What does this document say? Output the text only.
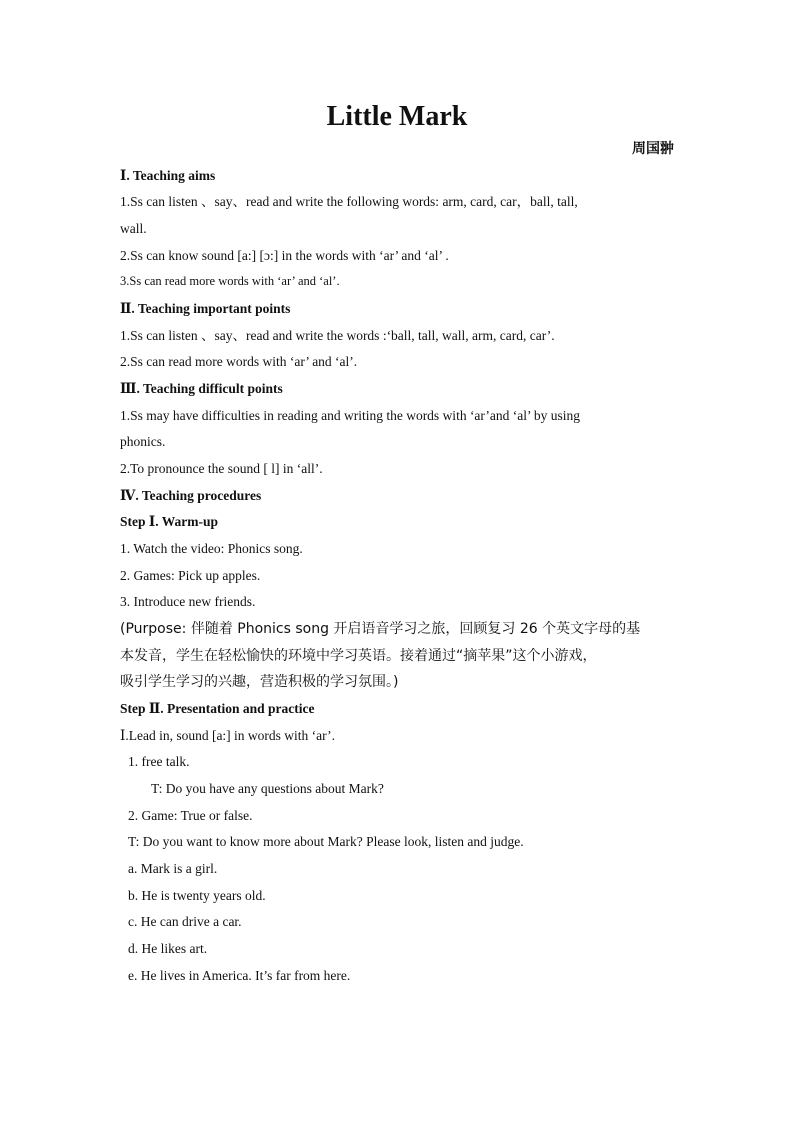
Little Mark
周国翀
Ⅰ. Teaching aims
1.Ss can listen 、say、read and write the following words: arm, card, car，ball, tall,
wall.
2.Ss can know sound [a:] [ɔ:] in the words with ‘ar’ and ‘al’ .
3.Ss can read more words with ‘ar’ and ‘al’.
Ⅱ. Teaching important points
1.Ss can listen 、say、read and write the words :‘ball, tall, wall, arm, card, car’.
2.Ss can read more words with ‘ar’ and ‘al’.
Ⅲ. Teaching difficult points
1.Ss may have difficulties in reading and writing the words with ‘ar’and ‘al’ by using
phonics.
2.To pronounce the sound [ l] in ‘all’.
Ⅳ. Teaching procedures
Step Ⅰ. Warm-up
1. Watch the video: Phonics song.
2. Games: Pick up apples.
3. Introduce new friends.
(Purpose: 伴随着 Phonics song 开启语音学习之旅，回顾复习 26 个英文字母的基
本发音，学生在轻松愉快的环境中学习英语。接着通过“摘苹果”这个小游戏，
吸引学生学习的兴趣，营造积极的学习氛围。)
Step Ⅱ. Presentation and practice
Ⅰ.Lead in, sound [a:] in words with ‘ar’.
1. free talk.
T: Do you have any questions about Mark?
2. Game: True or false.
T: Do you want to know more about Mark? Please look, listen and judge.
a. Mark is a girl.
b. He is twenty years old.
c. He can drive a car.
d. He likes art.
e. He lives in America. It’s far from here.
